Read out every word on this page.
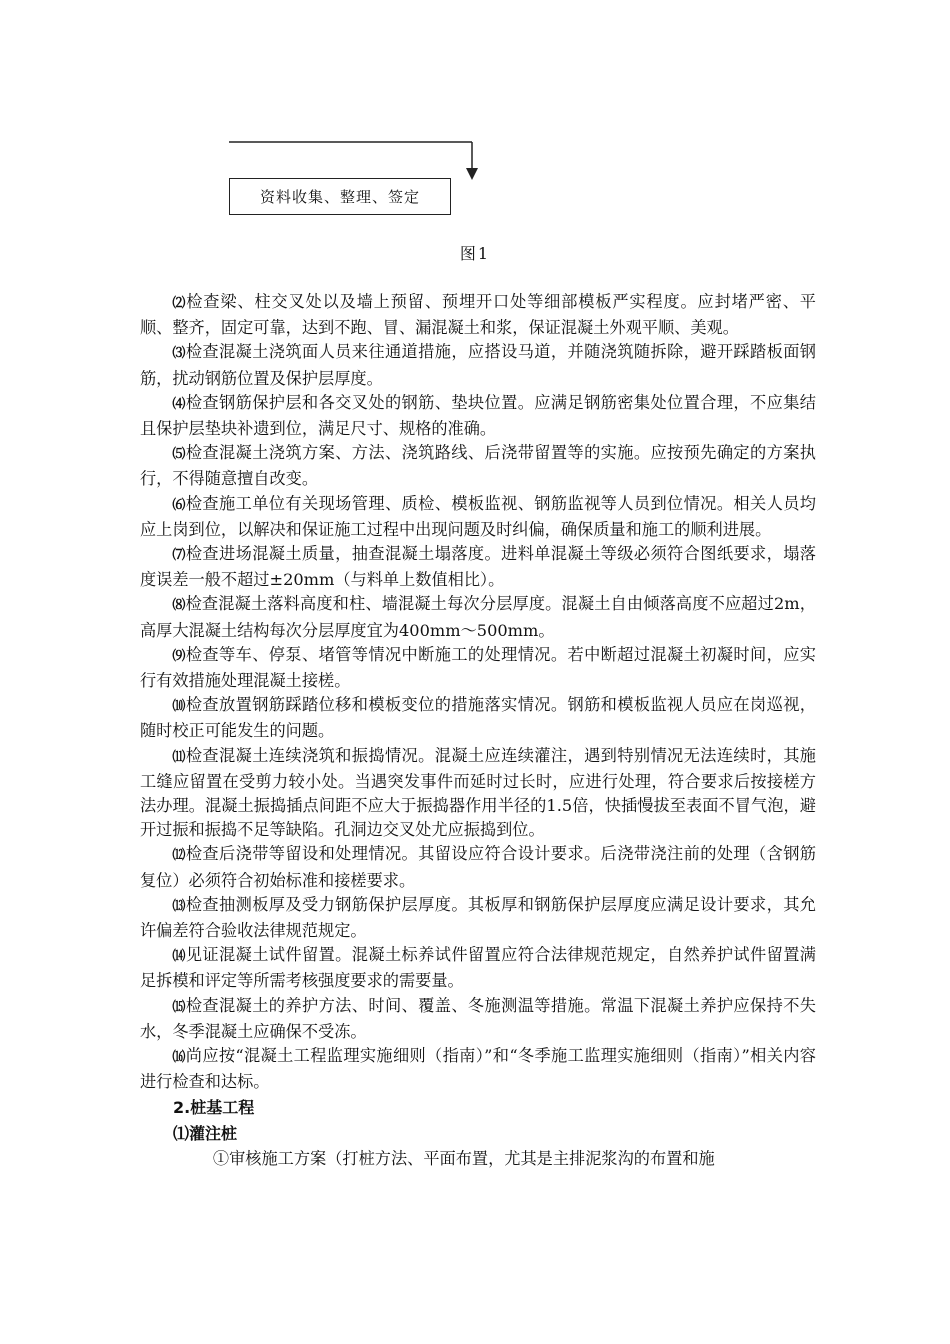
资料收集、整理、签定
图1

⑵检查梁、柱交叉处以及墙上预留、预埋开口处等细部模板严实程度。应封堵严密、平顺、整齐，固定可靠，达到不跑、冒、漏混凝土和浆，保证混凝土外观平顺、美观。

⑶检查混凝土浇筑面人员来往通道措施，应搭设马道，并随浇筑随拆除，避开踩踏板面钢筋，扰动钢筋位置及保护层厚度。

⑷检查钢筋保护层和各交叉处的钢筋、垫块位置。应满足钢筋密集处位置合理，不应集结且保护层垫块补遗到位，满足尺寸、规格的准确。

⑸检查混凝土浇筑方案、方法、浇筑路线、后浇带留置等的实施。应按预先确定的方案执行，不得随意擅自改变。

⑹检查施工单位有关现场管理、质检、模板监视、钢筋监视等人员到位情况。相关人员均应上岗到位，以解决和保证施工过程中出现问题及时纠偏，确保质量和施工的顺利进展。

⑺检查进场混凝土质量，抽查混凝土塌落度。进料单混凝土等级必须符合图纸要求，塌落度误差一般不超过±20mm（与料单上数值相比）。

⑻检查混凝土落料高度和柱、墙混凝土每次分层厚度。混凝土自由倾落高度不应超过2m，高厚大混凝土结构每次分层厚度宜为400mm～500mm。

⑼检查等车、停泵、堵管等情况中断施工的处理情况。若中断超过混凝土初凝时间，应实行有效措施处理混凝土接槎。

⑽检查放置钢筋踩踏位移和模板变位的措施落实情况。钢筋和模板监视人员应在岗巡视，随时校正可能发生的问题。

⑾检查混凝土连续浇筑和振捣情况。混凝土应连续灌注，遇到特别情况无法连续时，其施工缝应留置在受剪力较小处。当遇突发事件而延时过长时，应进行处理，符合要求后按接槎方法办理。混凝土振捣插点间距不应大于振捣器作用半径的1.5倍，快插慢拔至表面不冒气泡，避开过振和振捣不足等缺陷。孔洞边交叉处尤应振捣到位。

⑿检查后浇带等留设和处理情况。其留设应符合设计要求。后浇带浇注前的处理（含钢筋复位）必须符合初始标准和接槎要求。

⒀检查抽测板厚及受力钢筋保护层厚度。其板厚和钢筋保护层厚度应满足设计要求，其允许偏差符合验收法律规范规定。

⒁见证混凝土试件留置。混凝土标养试件留置应符合法律规范规定，自然养护试件留置满足拆模和评定等所需考核强度要求的需要量。

⒂检查混凝土的养护方法、时间、覆盖、冬施测温等措施。常温下混凝土养护应保持不失水，冬季混凝土应确保不受冻。

⒃尚应按“混凝土工程监理实施细则（指南）”和“冬季施工监理实施细则（指南）”相关内容进行检查和达标。

2.桩基工程

⑴灌注桩

①审核施工方案（打桩方法、平面布置，尤其是主排泥浆沟的布置和施
